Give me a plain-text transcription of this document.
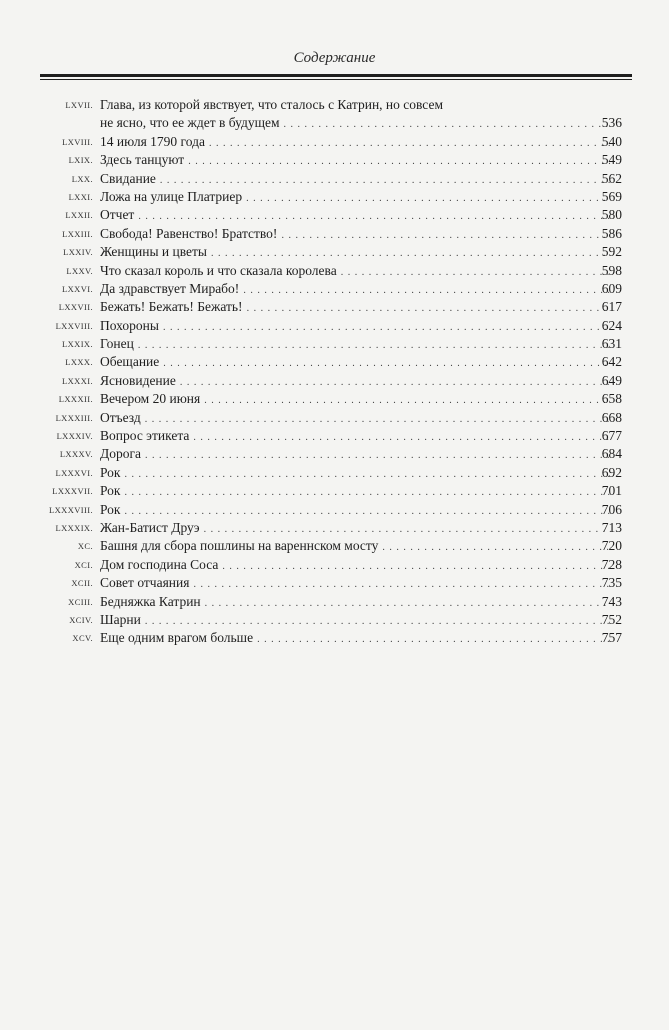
Содержание
LXVII. Глава, из которой явствует, что сталось с Катрин, но совсем
не ясно, что ее ждет в будущем . . .	536
LXVIII. 14 июля 1790 года . . .	540
LXIX. Здесь танцуют . . .	549
LXX. Свидание . . .	562
LXXI. Ложа на улице Платриер . . .	569
LXXII. Отчет . . .	580
LXXIII. Свобода! Равенство! Братство! . . .	586
LXXIV. Женщины и цветы . . .	592
LXXV. Что сказал король и что сказала королева . . .	598
LXXVI. Да здравствует Мирабо! . . .	609
LXXVII. Бежать! Бежать! Бежать! . . .	617
LXXVIII. Похороны . . .	624
LXXIX. Гонец . . .	631
LXXX. Обещание . . .	642
LXXXI. Ясновидение . . .	649
LXXXII. Вечером 20 июня . . .	658
LXXXIII. Отъезд . . .	668
LXXXIV. Вопрос этикета . . .	677
LXXXV. Дорога . . .	684
LXXXVI. Рок . . .	692
LXXXVII. Рок . . .	701
LXXXVIII. Рок . . .	706
LXXXIX. Жан-Батист Друэ . . .	713
XC. Башня для сбора пошлины на вареннском мосту . . .	720
XCI. Дом господина Соса . . .	728
XCII. Совет отчаяния . . .	735
XCIII. Бедняжка Катрин . . .	743
XCIV. Шарни . . .	752
XCV. Еще одним врагом больше . . .	757
